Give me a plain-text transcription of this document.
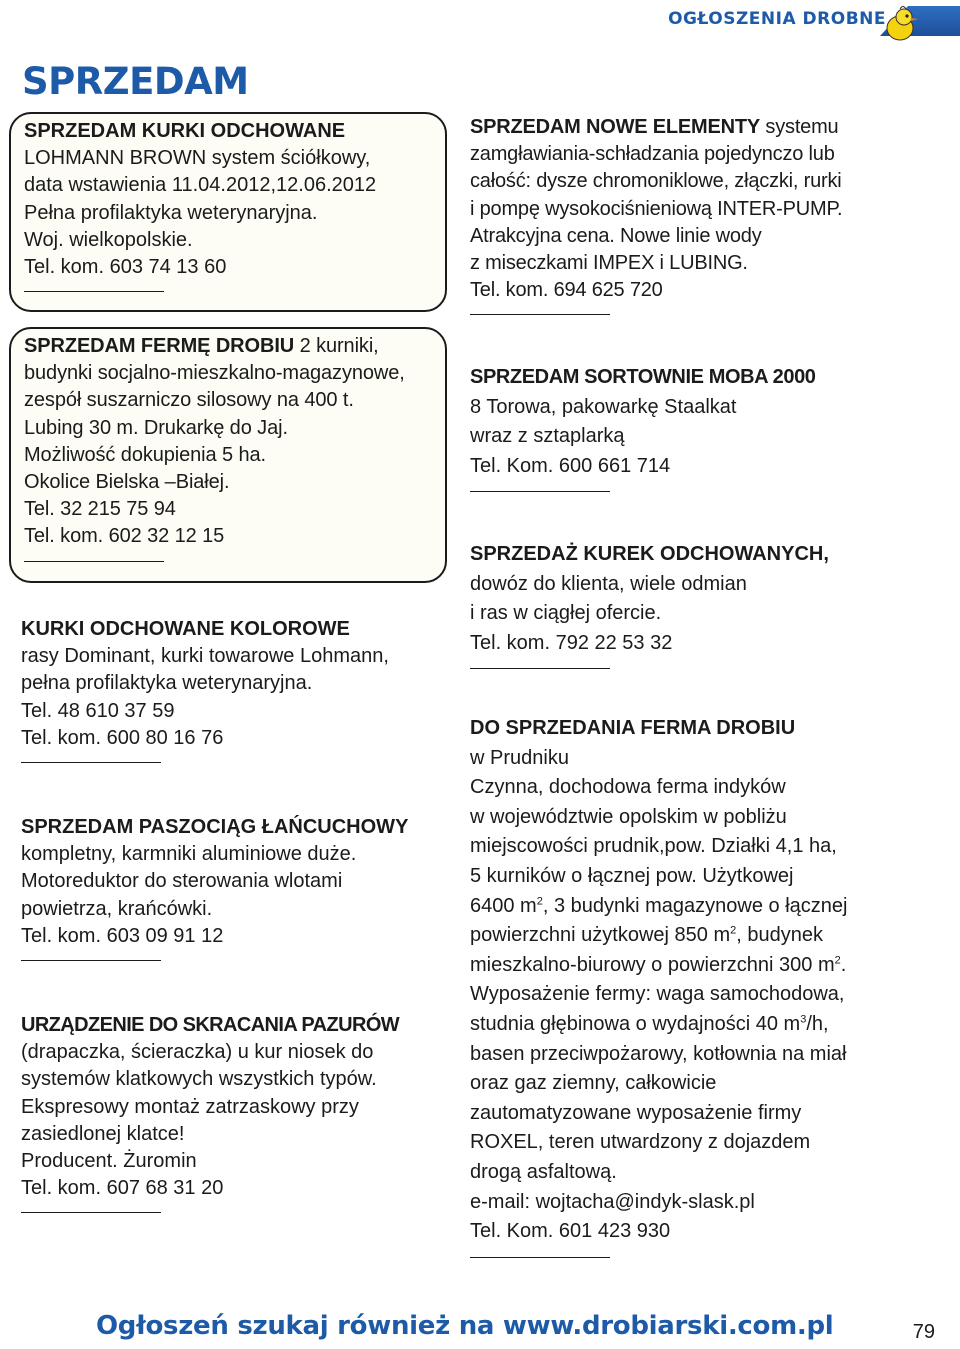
OGŁOSZENIA DROBNE
SPRZEDAM

SPRZEDAM KURKI ODCHOWANE

LOHMANN BROWN system ściółkowy,

data wstawienia 11.04.2012,12.06.2012

Pełna profilaktyka weterynaryjna.

Woj. wielkopolskie.

Tel. kom. 603 74 13 60

SPRZEDAM FERMĘ DROBIU 2 kurniki,

budynki socjalno-mieszkalno-magazynowe,

zespół suszarniczo silosowy na 400 t.

Lubing 30 m. Drukarkę do Jaj.

Możliwość dokupienia 5 ha.

Okolice Bielska –Białej.

Tel. 32 215 75 94

Tel. kom. 602 32 12 15

KURKI ODCHOWANE KOLOROWE

rasy Dominant, kurki towarowe Lohmann,

pełna profilaktyka weterynaryjna.

Tel. 48 610 37 59

Tel. kom. 600 80 16 76

SPRZEDAM PASZOCIĄG ŁAŃCUCHOWY

kompletny, karmniki aluminiowe duże.

Motoreduktor do sterowania wlotami

powietrza, krańcówki.

Tel. kom. 603 09 91 12

URZĄDZENIE DO SKRACANIA PAZURÓW

(drapaczka, ścieraczka) u kur niosek do

systemów klatkowych wszystkich typów.

Ekspresowy montaż zatrzaskowy przy

zasiedlonej klatce!

Producent. Żuromin

Tel. kom. 607 68 31 20

SPRZEDAM NOWE ELEMENTY systemu

zamgławiania-schładzania pojedynczo lub

całość: dysze chromoniklowe, złączki, rurki

i pompę wysokociśnieniową INTER-PUMP.

Atrakcyjna cena. Nowe linie wody

z miseczkami IMPEX i LUBING.

Tel. kom. 694 625 720

SPRZEDAM SORTOWNIE MOBA 2000

8 Torowa, pakowarkę Staalkat

wraz z sztaplarką

Tel. Kom. 600 661 714

SPRZEDAŻ KUREK ODCHOWANYCH,

dowóz do klienta, wiele odmian

i ras w ciągłej ofercie.

Tel. kom. 792 22 53 32

DO SPRZEDANIA FERMA DROBIU

w Prudniku

Czynna, dochodowa ferma indyków

w województwie opolskim w pobliżu

miejscowości prudnik,pow. Działki 4,1 ha,

5 kurników o łącznej pow. Użytkowej

6400 $m^2$, 3 budynki magazynowe o łącznej

powierzchni użytkowej 850 $m^2$, budynek

mieszkalno-biurowy o powierzchni 300 $m^2$.

Wyposażenie fermy: waga samochodowa,

studnia głębinowa o wydajności 40 $m^3/h$,

basen przeciwpożarowy, kotłownia na miał

oraz gaz ziemny, całkowicie

zautomatyzowane wyposażenie firmy

ROXEL, teren utwardzony z dojazdem

drogą asfaltową.

e-mail: wojtacha@indyk-slask.pl

Tel. Kom. 601 423 930

Ogłoszeń szukaj również na www.drobiarski.com.pl	79
